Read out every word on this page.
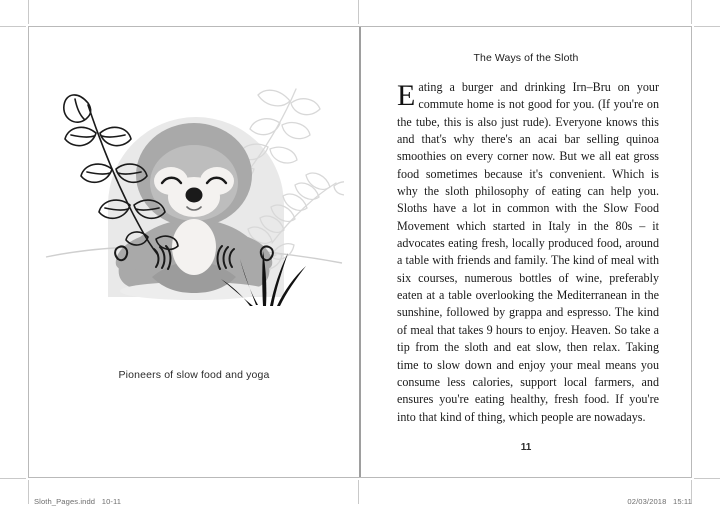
Pioneers of slow food and yoga
The Ways of the Sloth
Eating a burger and drinking Irn–Bru on your commute home is not good for you. (If you're on the tube, this is also just rude). Everyone knows this and that's why there's an acai bar selling quinoa smoothies on every corner now. But we all eat gross food sometimes because it's convenient. Which is why the sloth philosophy of eating can help you. Sloths have a lot in common with the Slow Food Movement which started in Italy in the 80s – it advocates eating fresh, locally produced food, around a table with friends and family. The kind of meal with six courses, numerous bottles of wine, preferably eaten at a table overlooking the Mediterranean in the sunshine, followed by grappa and espresso. The kind of meal that takes 9 hours to enjoy. Heaven. So take a tip from the sloth and eat slow, then relax. Taking time to slow down and enjoy your meal means you consume less calories, support local farmers, and ensures you're eating healthy, fresh food. If you're into that kind of thing, which people are nowadays.
11
Sloth_Pages.indd   10-11	02/03/2018   15:11
